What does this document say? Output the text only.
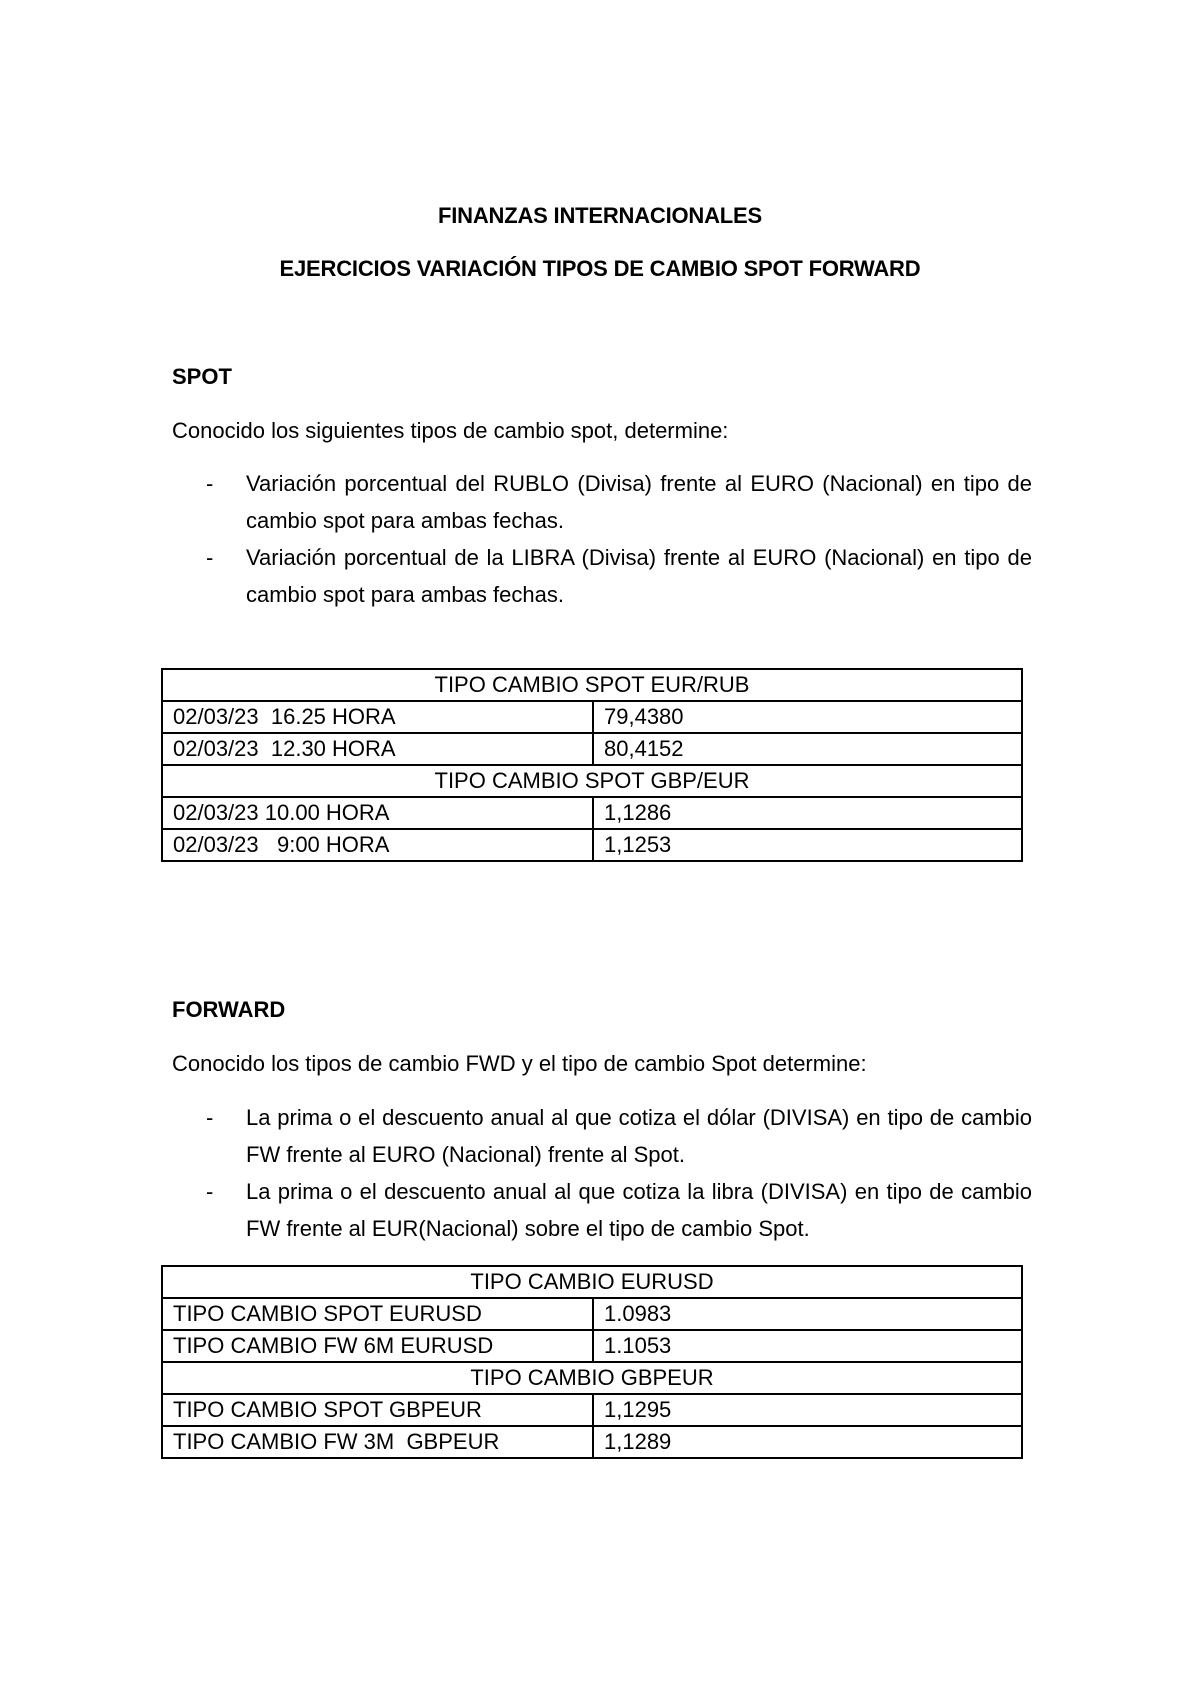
FINANZAS INTERNACIONALES
EJERCICIOS VARIACIÓN TIPOS DE CAMBIO SPOT FORWARD
SPOT
Conocido los siguientes tipos de cambio spot, determine:
- Variación porcentual del RUBLO (Divisa) frente al EURO (Nacional) en tipo de cambio spot para ambas fechas.
- Variación porcentual de la LIBRA (Divisa) frente al EURO (Nacional) en tipo de cambio spot para ambas fechas.
TIPO CAMBIO SPOT EUR/RUB	
02/03/23  16.25 HORA	79,4380
02/03/23  12.30 HORA	80,4152
TIPO CAMBIO SPOT GBP/EUR	
02/03/23 10.00 HORA	1,1286
02/03/23   9:00 HORA	1,1253
FORWARD
Conocido los tipos de cambio FWD y el tipo de cambio Spot determine:
- La prima o el descuento anual al que cotiza el dólar (DIVISA) en tipo de cambio FW frente al EURO (Nacional) frente al Spot.
- La prima o el descuento anual al que cotiza la libra (DIVISA) en tipo de cambio FW frente al EUR(Nacional) sobre el tipo de cambio Spot.
TIPO CAMBIO EURUSD	
TIPO CAMBIO SPOT EURUSD	1.0983
TIPO CAMBIO FW 6M EURUSD	1.1053
TIPO CAMBIO GBPEUR	
TIPO CAMBIO SPOT GBPEUR	1,1295
TIPO CAMBIO FW 3M  GBPEUR	1,1289
